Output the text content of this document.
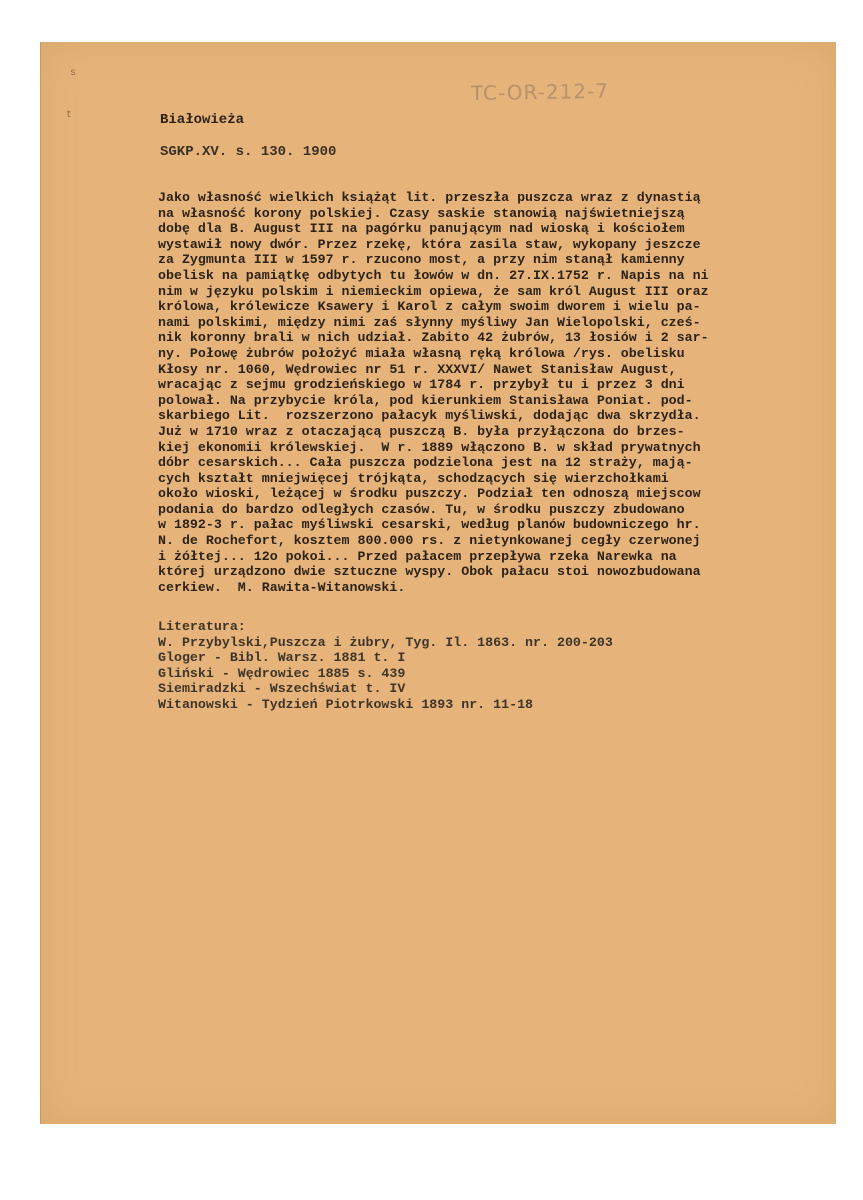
TC-OR-212-7
s
t	Białowieża
SGKP.XV. s. 130. 1900
Jako własność wielkich książąt lit. przeszła puszcza wraz z dynastią
na własność korony polskiej. Czasy saskie stanowią najświetniejszą
dobę dla B. August III na pagórku panującym nad wioską i kościołem
wystawił nowy dwór. Przez rzekę, która zasila staw, wykopany jeszcze
za Zygmunta III w 1597 r. rzucono most, a przy nim stanął kamienny
obelisk na pamiątkę odbytych tu łowów w dn. 27.IX.1752 r. Napis na ni
nim w języku polskim i niemieckim opiewa, że sam król August III oraz
królowa, królewicze Ksawery i Karol z całym swoim dworem i wielu pa-
nami polskimi, między nimi zaś słynny myśliwy Jan Wielopolski, cześ-
nik koronny brali w nich udział. Zabito 42 żubrów, 13 łosiów i 2 sar-
ny. Połowę żubrów położyć miała własną ręką królowa /rys. obelisku
Kłosy nr. 1060, Wędrowiec nr 51 r. XXXVI/ Nawet Stanisław August,
wracając z sejmu grodzieńskiego w 1784 r. przybył tu i przez 3 dni
polował. Na przybycie króla, pod kierunkiem Stanisława Poniat. pod-
skarbiego Lit.  rozszerzono pałacyk myśliwski, dodając dwa skrzydła.
Już w 1710 wraz z otaczającą puszczą B. była przyłączona do brzes-
kiej ekonomii królewskiej.  W r. 1889 włączono B. w skład prywatnych
dóbr cesarskich... Cała puszcza podzielona jest na 12 straży, mają-
cych kształt mniejwięcej trójkąta, schodzących się wierzchołkami
około wioski, leżącej w środku puszczy. Podział ten odnoszą miejscow
podania do bardzo odległych czasów. Tu, w środku puszczy zbudowano
w 1892-3 r. pałac myśliwski cesarski, według planów budowniczego hr.
N. de Rochefort, kosztem 800.000 rs. z nietynkowanej cegły czerwonej
i żółtej... 12o pokoi... Przed pałacem przepływa rzeka Narewka na
której urządzono dwie sztuczne wyspy. Obok pałacu stoi nowozbudowana
cerkiew.  M. Rawita-Witanowski.
Literatura:
W. Przybylski,Puszcza i żubry, Tyg. Il. 1863. nr. 200-203
Gloger - Bibl. Warsz. 1881 t. I
Gliński - Wędrowiec 1885 s. 439
Siemiradzki - Wszechświat t. IV
Witanowski - Tydzień Piotrkowski 1893 nr. 11-18
